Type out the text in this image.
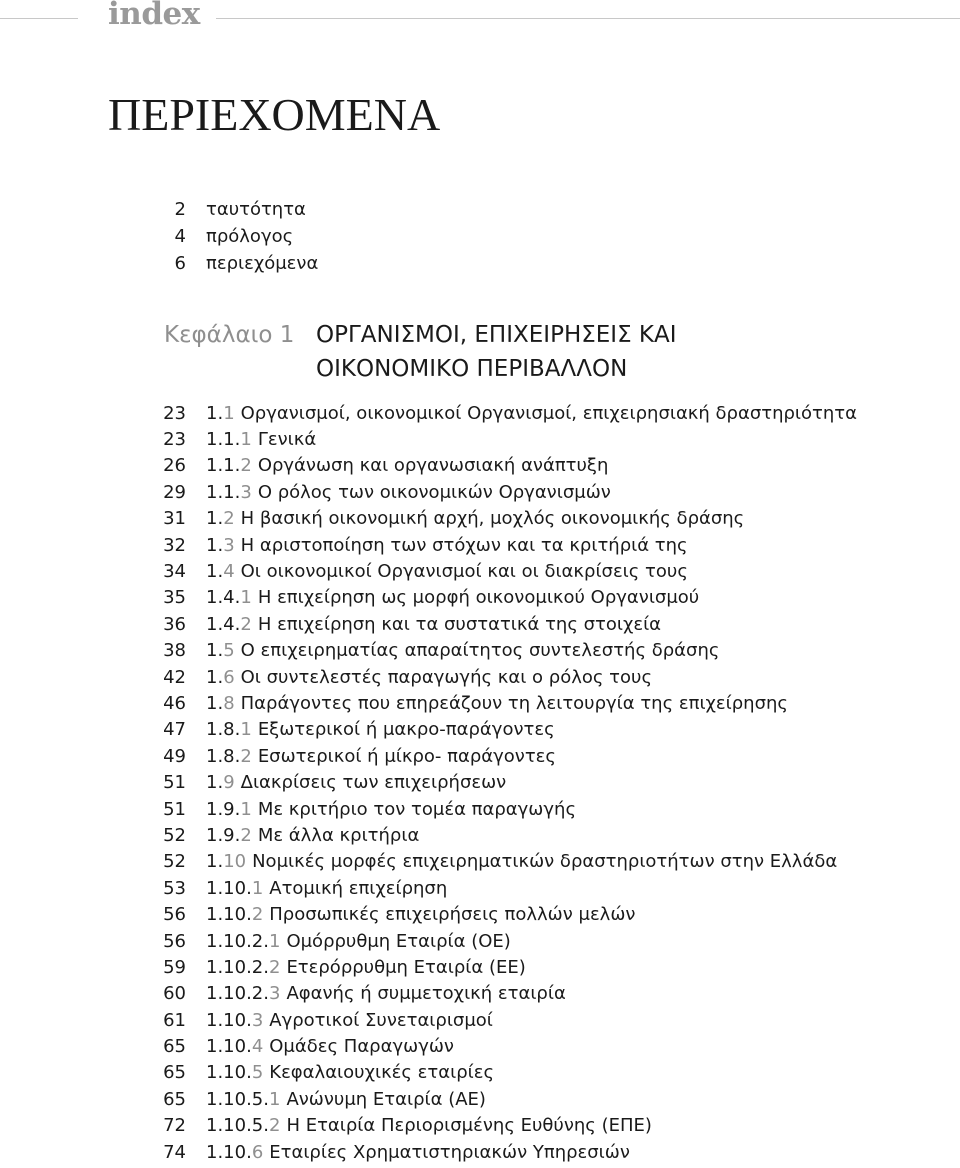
index
ΠΕΡΙΕΧΟΜΕΝΑ
2 ταυτότητα
4 πρόλογος
6 περιεχόμενα
Κεφάλαιο 1 ΟΡΓΑΝΙΣΜΟΙ, ΕΠΙΧΕΙΡΗΣΕΙΣ ΚΑΙ
ΟΙΚΟΝΟΜΙΚΟ ΠΕΡΙΒΑΛΛΟΝ
23 1.1 Οργανισμοί, οικονομικοί Οργανισμοί, επιχειρησιακή δραστηριότητα
23 1.1.1 Γενικά
26 1.1.2 Οργάνωση και οργανωσιακή ανάπτυξη
29 1.1.3 Ο ρόλος των οικονομικών Οργανισμών
31 1.2 Η βασική οικονομική αρχή, μοχλός οικονομικής δράσης
32 1.3 Η αριστοποίηση των στόχων και τα κριτήριά της
34 1.4 Οι οικονομικοί Οργανισμοί και οι διακρίσεις τους
35 1.4.1 Η επιχείρηση ως μορφή οικονομικού Οργανισμού
36 1.4.2 Η επιχείρηση και τα συστατικά της στοιχεία
38 1.5 Ο επιχειρηματίας απαραίτητος συντελεστής δράσης
42 1.6 Οι συντελεστές παραγωγής και ο ρόλος τους
46 1.8 Παράγοντες που επηρεάζουν τη λειτουργία της επιχείρησης
47 1.8.1 Εξωτερικοί ή μακρο-παράγοντες
49 1.8.2 Εσωτερικοί ή μίκρο- παράγοντες
51 1.9 Διακρίσεις των επιχειρήσεων
51 1.9.1 Με κριτήριο τον τομέα παραγωγής
52 1.9.2 Με άλλα κριτήρια
52 1.10 Νομικές μορφές επιχειρηματικών δραστηριοτήτων στην Ελλάδα
53 1.10.1 Ατομική επιχείρηση
56 1.10.2 Προσωπικές επιχειρήσεις πολλών μελών
56 1.10.2.1 Ομόρρυθμη Εταιρία (ΟΕ)
59 1.10.2.2 Ετερόρρυθμη Εταιρία (ΕΕ)
60 1.10.2.3 Αφανής ή συμμετοχική εταιρία
61 1.10.3 Αγροτικοί Συνεταιρισμοί
65 1.10.4 Ομάδες Παραγωγών
65 1.10.5 Κεφαλαιουχικές εταιρίες
65 1.10.5.1 Ανώνυμη Εταιρία (ΑΕ)
72 1.10.5.2 Η Εταιρία Περιορισμένης Ευθύνης (ΕΠΕ)
74 1.10.6 Εταιρίες Χρηματιστηριακών Υπηρεσιών
